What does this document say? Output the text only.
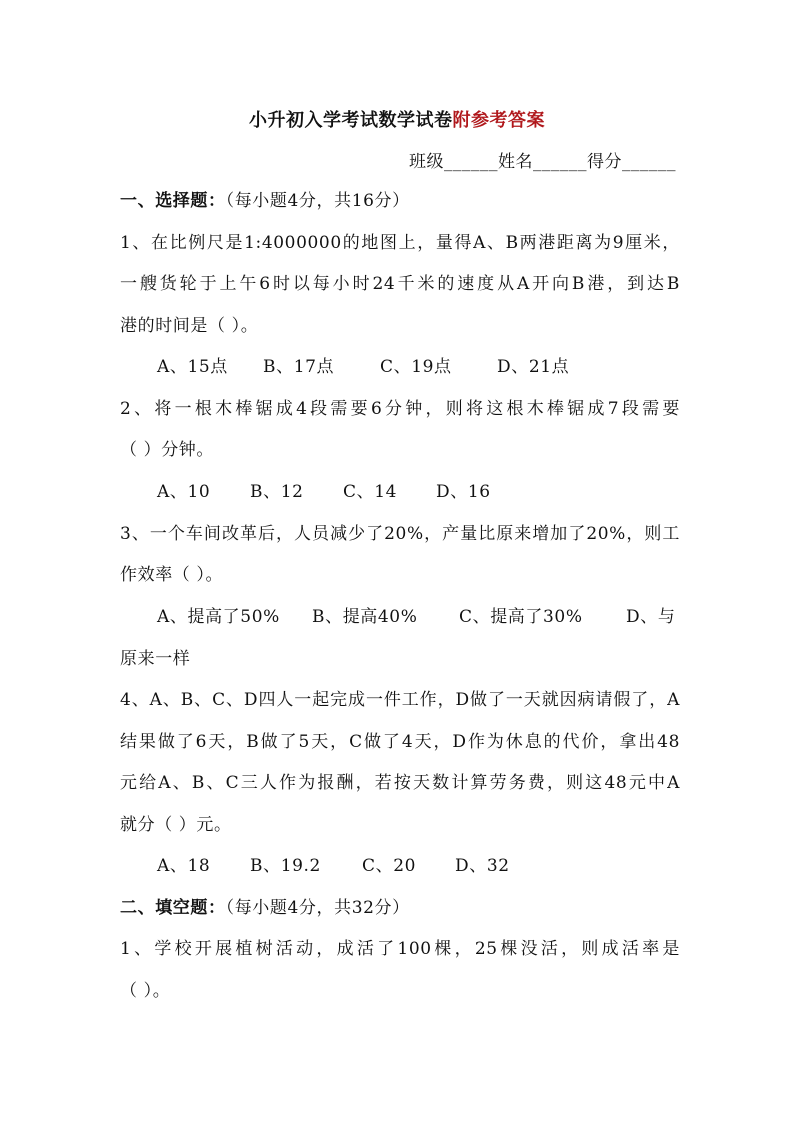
小升初入学考试数学试卷附参考答案
班级______姓名______得分______
一、选择题：（每小题4分，共16分）
1、在比例尺是1:4000000的地图上，量得A、B两港距离为9厘米，
一艘货轮于上午6时以每小时24千米的速度从A开向B港，到达B
港的时间是（ ）。
A、15点 B、17点	C、19点	D、21点
2、将一根木棒锯成4段需要6分钟，则将这根木棒锯成7段需要
（ ）分钟。
A、10 B、12 C、14 D、16
3、一个车间改革后，人员减少了20%，产量比原来增加了20%，则工
作效率（ ）。
A、提高了50% B、提高40% C、提高了30%	D、与
原来一样
4、A、B、C、D四人一起完成一件工作，D做了一天就因病请假了，A
结果做了6天，B做了5天，C做了4天，D作为休息的代价，拿出48
元给A、B、C三人作为报酬，若按天数计算劳务费，则这48元中A
就分（ ）元。
A、18 B、19.2 C、20 D、32
二、填空题：（每小题4分，共32分）
1、学校开展植树活动，成活了100棵，25棵没活，则成活率是
（ ）。
